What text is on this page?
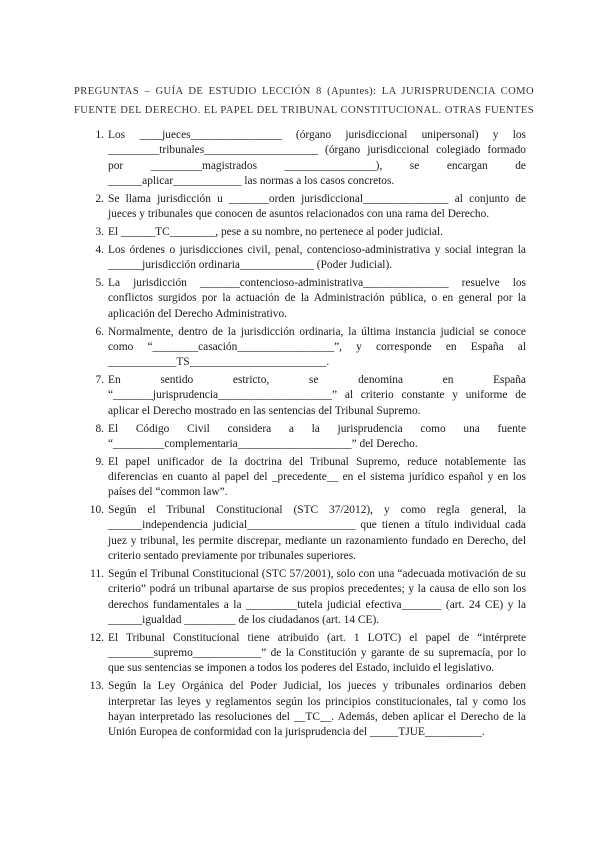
PREGUNTAS – GUÍA DE ESTUDIO LECCIÓN 8 (Apuntes): LA JURISPRUDENCIA COMO
FUENTE DEL DERECHO. EL PAPEL DEL TRIBUNAL CONSTITUCIONAL. OTRAS FUENTES
1. Los ____jueces________________ (órgano jurisdiccional unipersonal) y los _________tribunales____________________ (órgano jurisdiccional colegiado formado por _________magistrados ________________), se encargan de ______aplicar____________ las normas a los casos concretos.
2. Se llama jurisdicción u _______orden jurisdiccional_______________ al conjunto de jueces y tribunales que conocen de asuntos relacionados con una rama del Derecho.
3. El ______TC________, pese a su nombre, no pertenece al poder judicial.
4. Los órdenes o jurisdicciones civil, penal, contencioso-administrativa y social integran la ______jurisdicción ordinaria_____________ (Poder Judicial).
5. La jurisdicción _______contencioso-administrativa_______________ resuelve los conflictos surgidos por la actuación de la Administración pública, o en general por la aplicación del Derecho Administrativo.
6. Normalmente, dentro de la jurisdicción ordinaria, la última instancia judicial se conoce como “________casación_________________”, y corresponde en España al ____________TS________________________.
7. En sentido estricto, se denomina en España “_______jurisprudencia____________________” al criterio constante y uniforme de aplicar el Derecho mostrado en las sentencias del Tribunal Supremo.
8. El Código Civil considera a la jurisprudencia como una fuente “_________complementaria____________________” del Derecho.
9. El papel unificador de la doctrina del Tribunal Supremo, reduce notablemente las diferencias en cuanto al papel del _precedente__ en el sistema jurídico español y en los países del “common law”.
10. Según el Tribunal Constitucional (STC 37/2012), y como regla general, la ______independencia judicial___________________ que tienen a título individual cada juez y tribunal, les permite discrepar, mediante un razonamiento fundado en Derecho, del criterio sentado previamente por tribunales superiores.
11. Según el Tribunal Constitucional (STC 57/2001), solo con una “adecuada motivación de su criterio” podrá un tribunal apartarse de sus propios precedentes; y la causa de ello son los derechos fundamentales a la _________tutela judicial efectiva_______ (art. 24 CE) y la ______igualdad _________ de los ciudadanos (art. 14 CE).
12. El Tribunal Constitucional tiene atribuido (art. 1 LOTC) el papel de “intérprete ________supremo____________” de la Constitución y garante de su supremacía, por lo que sus sentencias se imponen a todos los poderes del Estado, incluido el legislativo.
13. Según la Ley Orgánica del Poder Judicial, los jueces y tribunales ordinarios deben interpretar las leyes y reglamentos según los principios constitucionales, tal y como los hayan interpretado las resoluciones del __TC__. Además, deben aplicar el Derecho de la Unión Europea de conformidad con la jurisprudencia del _____TJUE__________.
